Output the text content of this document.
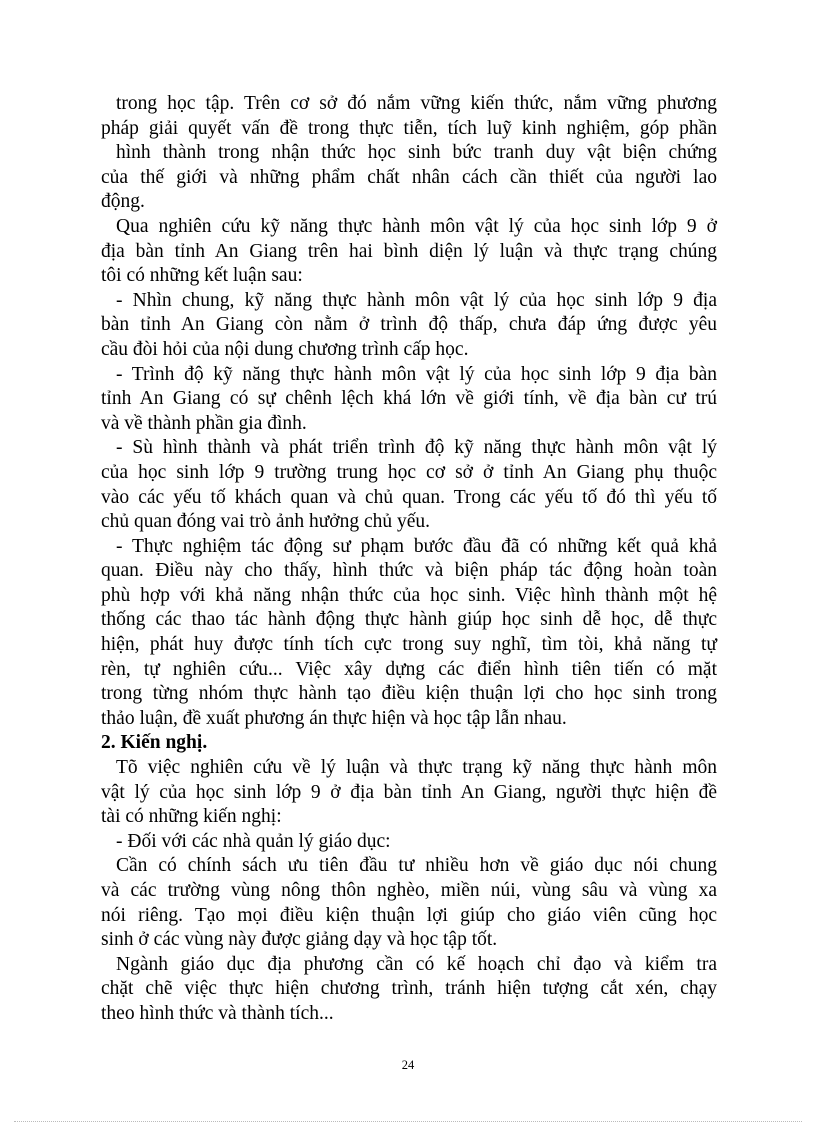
trong học tập. Trên cơ sở đó nắm vững kiến thức, nắm vững phương
pháp giải quyết vấn đề trong thực tiễn, tích luỹ kinh nghiệm, góp phần
hình thành trong nhận thức học sinh bức tranh duy vật biện chứng
của thế giới và những phẩm chất nhân cách cần thiết của người lao
động.
Qua nghiên cứu kỹ năng thực hành môn vật lý của học sinh lớp 9 ở
địa bàn tỉnh An Giang trên hai bình diện lý luận và thực trạng chúng
tôi có những kết luận sau:
- Nhìn chung, kỹ năng thực hành môn vật lý của học sinh lớp 9 địa
bàn tỉnh An Giang còn nằm ở trình độ thấp, chưa đáp ứng được yêu
cầu đòi hỏi của nội dung chương trình cấp học.
- Trình độ kỹ năng thực hành môn vật lý của học sinh lớp 9 địa bàn
tỉnh An Giang có sự chênh lệch khá lớn về giới tính, về địa bàn cư trú
và về thành phần gia đình.
- Sù hình thành và phát triển trình độ kỹ năng thực hành môn vật lý
của học sinh lớp 9 trường trung học cơ sở ở tỉnh An Giang phụ thuộc
vào các yếu tố khách quan và chủ quan. Trong các yếu tố đó thì yếu tố
chủ quan đóng vai trò ảnh hưởng chủ yếu.
- Thực nghiệm tác động sư phạm bước đầu đã có những kết quả khả
quan. Điều này cho thấy, hình thức và biện pháp tác động hoàn toàn
phù hợp với khả năng nhận thức của học sinh. Việc hình thành một hệ
thống các thao tác hành động thực hành giúp học sinh dễ học, dễ thực
hiện, phát huy được tính tích cực trong suy nghĩ, tìm tòi, khả năng tự
rèn, tự nghiên cứu... Việc xây dựng các điển hình tiên tiến có mặt
trong từng nhóm thực hành tạo điều kiện thuận lợi cho học sinh trong
thảo luận, đề xuất phương án thực hiện và học tập lẫn nhau.
2. Kiến nghị.
Tõ việc nghiên cứu về lý luận và thực trạng kỹ năng thực hành môn
vật lý của học sinh lớp 9 ở địa bàn tỉnh An Giang, người thực hiện đề
tài có những kiến nghị:
- Đối với các nhà quản lý giáo dục:
Cần có chính sách ưu tiên đầu tư nhiều hơn về giáo dục nói chung
và các trường vùng nông thôn nghèo, miền núi, vùng sâu và vùng xa
nói riêng. Tạo mọi điều kiện thuận lợi giúp cho giáo viên cũng học
sinh ở các vùng này được giảng dạy và học tập tốt.
Ngành giáo dục địa phương cần có kế hoạch chỉ đạo và kiểm tra
chặt chẽ việc thực hiện chương trình, tránh hiện tượng cắt xén, chạy
theo hình thức và thành tích...
24
